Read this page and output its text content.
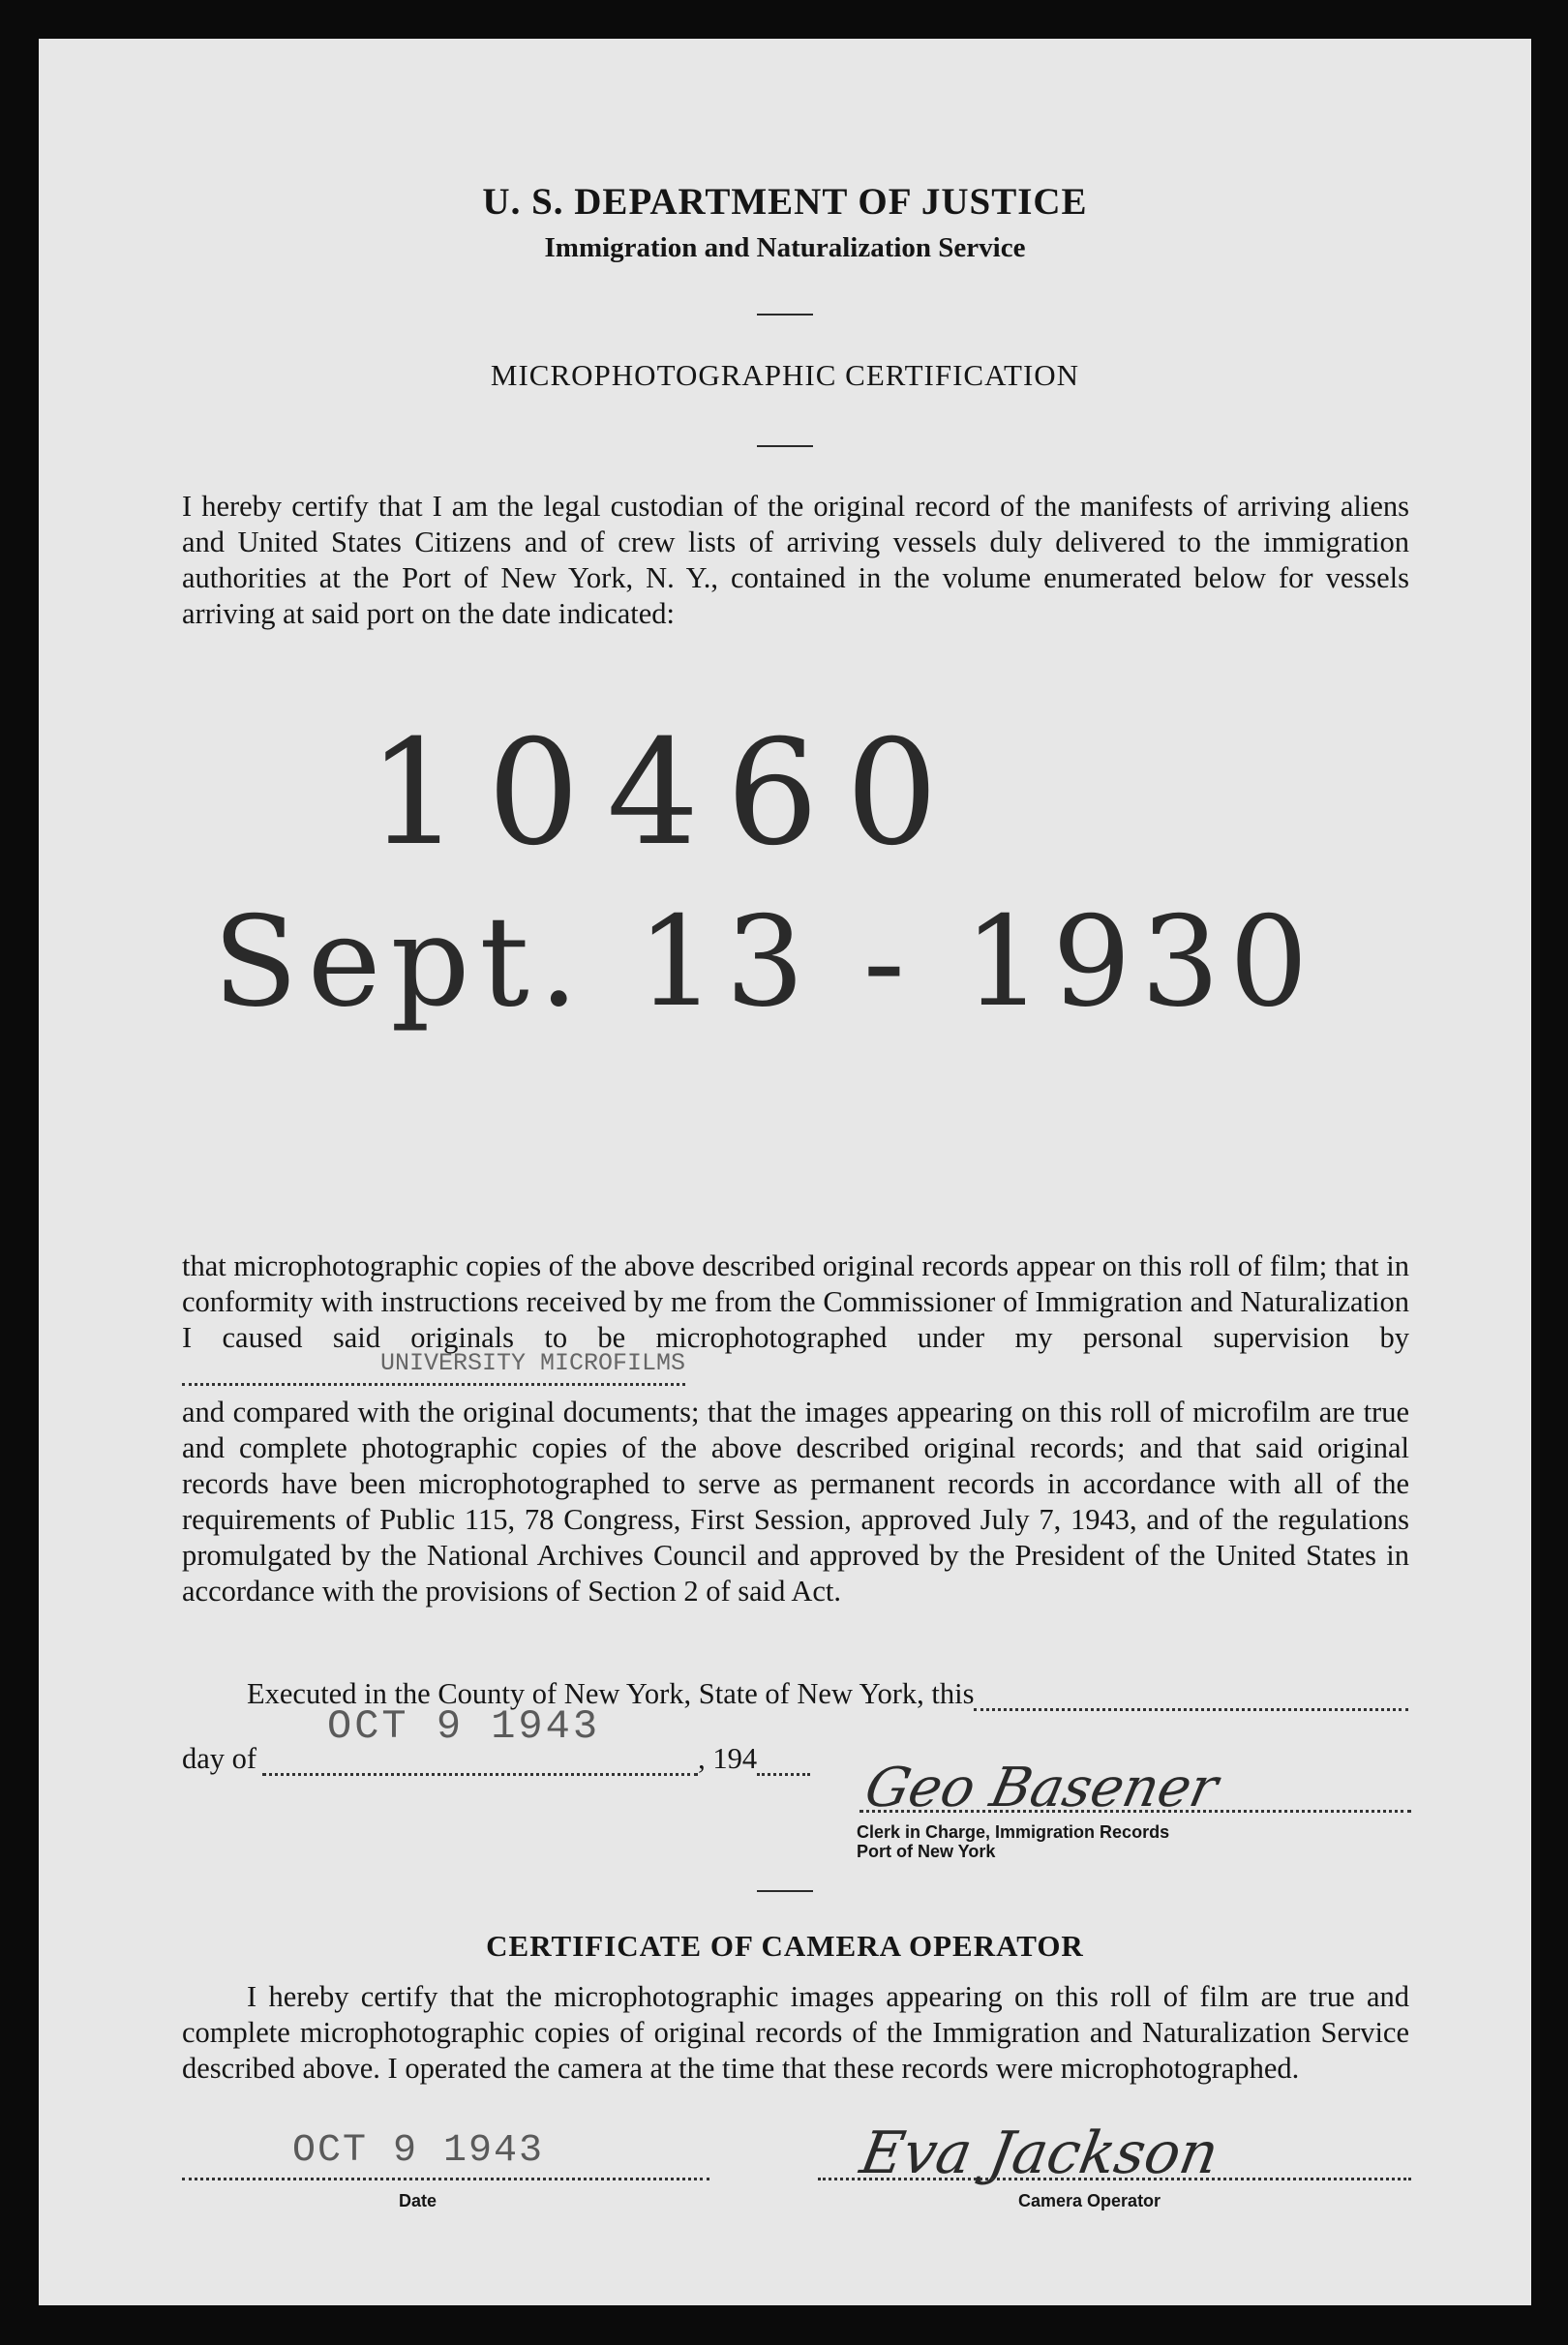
U. S. DEPARTMENT OF JUSTICE
Immigration and Naturalization Service
MICROPHOTOGRAPHIC CERTIFICATION

I hereby certify that I am the legal custodian of the original record of the manifests of arriving aliens and United States Citizens and of crew lists of arriving vessels duly delivered to the immigration authorities at the Port of New York, N. Y., contained in the volume enumerated below for vessels arriving at said port on the date indicated:

10460
Sept. 13 - 1930

that microphotographic copies of the above described original records appear on this roll of film; that in conformity with instructions received by me from the Commissioner of Immigration and Naturalization I caused said originals to be microphotographed under my personal supervision by
UNIVERSITY MICROFILMS

and compared with the original documents; that the images appearing on this roll of microfilm are true and complete photographic copies of the above described original records; and that said original records have been microphotographed to serve as permanent records in accordance with all of the requirements of Public 115, 78 Congress, First Session, approved July 7, 1943, and of the regulations promulgated by the National Archives Council and approved by the President of the United States in accordance with the provisions of Section 2 of said Act.

Executed in the County of New York, State of New York, this
day of	, 194
OCT 9 1943
Geo Basener
Clerk in Charge, Immigration Records
Port of New York
CERTIFICATE OF CAMERA OPERATOR

I hereby certify that the microphotographic images appearing on this roll of film are true and complete microphotographic copies of original records of the Immigration and Naturalization Service described above. I operated the camera at the time that these records were microphotographed.

OCT 9 1943
Date
Eva Jackson
Camera Operator
